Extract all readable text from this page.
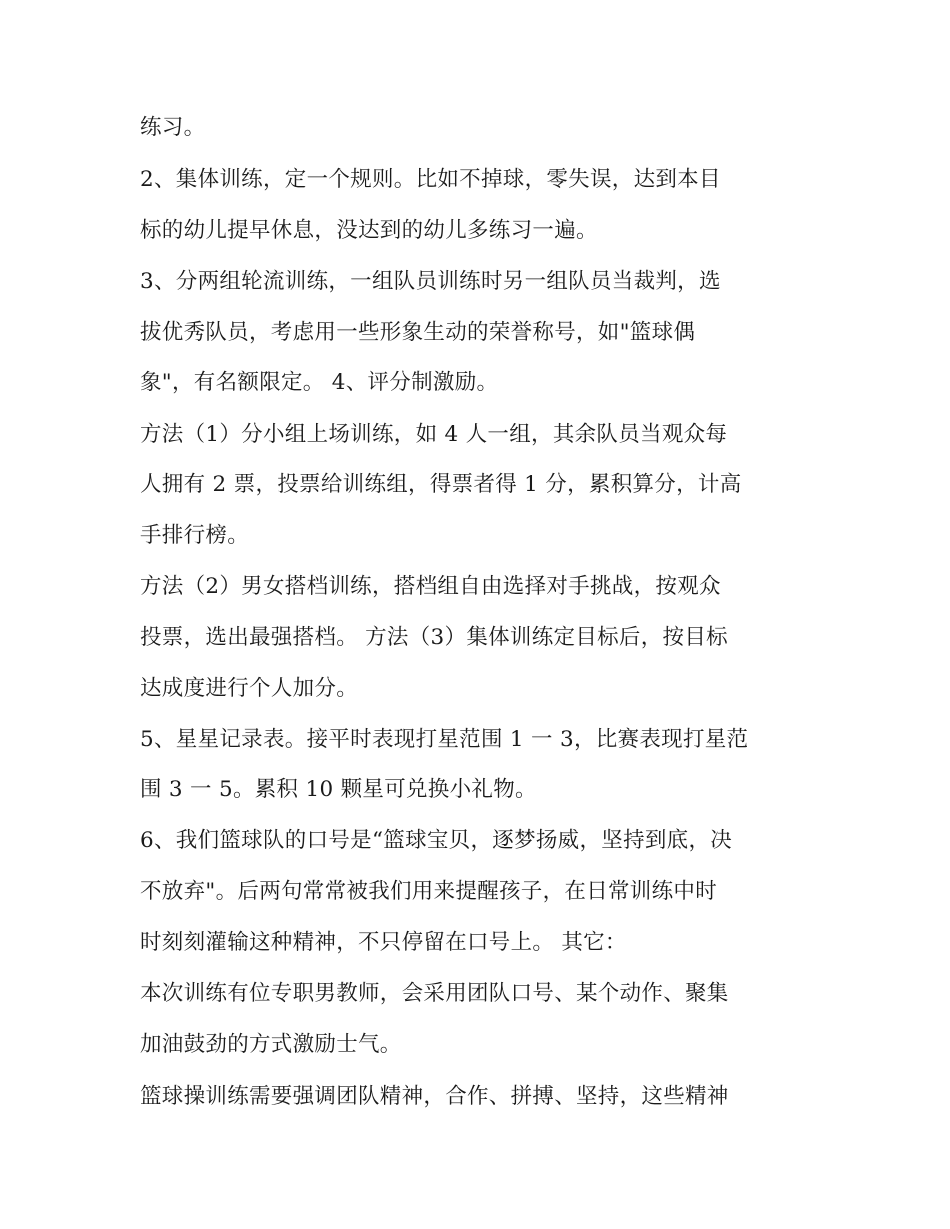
练习。
2、集体训练，定一个规则。比如不掉球，零失误，达到本目
标的幼儿提早休息，没达到的幼儿多练习一遍。
3、分两组轮流训练，一组队员训练时另一组队员当裁判，选
拔优秀队员，考虑用一些形象生动的荣誉称号，如"篮球偶
象"，有名额限定。 4、评分制激励。
方法（1）分小组上场训练，如 4 人一组，其余队员当观众每
人拥有 2 票，投票给训练组，得票者得 1 分，累积算分，计高
手排行榜。
方法（2）男女搭档训练，搭档组自由选择对手挑战，按观众
投票，选出最强搭档。 方法（3）集体训练定目标后，按目标
达成度进行个人加分。
5、星星记录表。接平时表现打星范围 1 一 3，比赛表现打星范
围 3 一 5。累积 10 颗星可兑换小礼物。
6、我们篮球队的口号是“篮球宝贝，逐梦扬威，坚持到底，决
不放弃"。后两句常常被我们用来提醒孩子，在日常训练中时
时刻刻灌输这种精神，不只停留在口号上。 其它：
本次训练有位专职男教师，会采用团队口号、某个动作、聚集
加油鼓劲的方式激励士气。
篮球操训练需要强调团队精神，合作、拼搏、坚持，这些精神
